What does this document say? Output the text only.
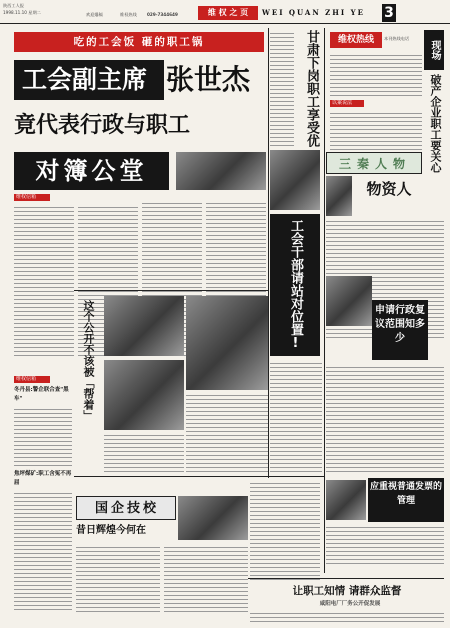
陕西工人报
1998.11.10 星期二	欢迎爆稿	维权热线	029-7344649	维 权 之 页	WEI QUAN ZHI YE	3
吃的工会饭 砸的职工锅
工会副主席 张世杰
竟代表行政与职工
对簿公堂
维权信箱
工会干部请站对位置!
甘肃下岗职工享受优
维权热线	本刊热线电话
现场
以案说法	破产企业职工要关心
三秦人物
物资人
这个公开不该被「帮着」
维权信箱
冬丹县:警企联合查"黑车"
焦坪煤矿:职工含冤不再屈
申请行政复议范围知多少
国企技校
昔日辉煌今何在
应重视普通发票的管理
让职工知情 请群众监督
咸阳电厂厂务公开促发展
